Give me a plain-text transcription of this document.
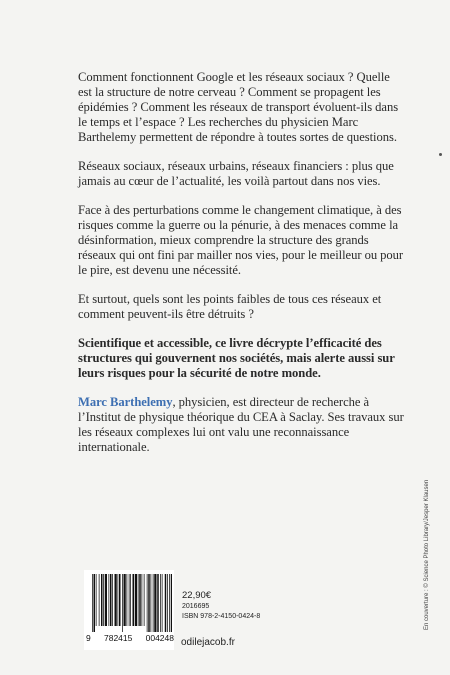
Comment fonctionnent Google et les réseaux sociaux ? Quelle est la structure de notre cerveau ? Comment se propagent les épidémies ? Comment les réseaux de transport évoluent-ils dans le temps et l’espace ? Les recherches du physicien Marc Barthelemy permettent de répondre à toutes sortes de questions.

Réseaux sociaux, réseaux urbains, réseaux financiers : plus que jamais au cœur de l’actualité, les voilà partout dans nos vies.

Face à des perturbations comme le changement climatique, à des risques comme la guerre ou la pénurie, à des menaces comme la désinformation, mieux comprendre la structure des grands réseaux qui ont fini par mailler nos vies, pour le meilleur ou pour le pire, est devenu une nécessité.

Et surtout, quels sont les points faibles de tous ces réseaux et comment peuvent-ils être détruits ?

Scientifique et accessible, ce livre décrypte l’efficacité des structures qui gouvernent nos sociétés, mais alerte aussi sur leurs risques pour la sécurité de notre monde.

Marc Barthelemy, physicien, est directeur de recherche à l’Institut de physique théorique du CEA à Saclay. Ses travaux sur les réseaux complexes lui ont valu une reconnaissance internationale.

En couverture : © Science Photo Library/Jesper Klausen
9 782415 004248
22,90€
2016695
ISBN 978-2-4150-0424-8
odilejacob.fr
